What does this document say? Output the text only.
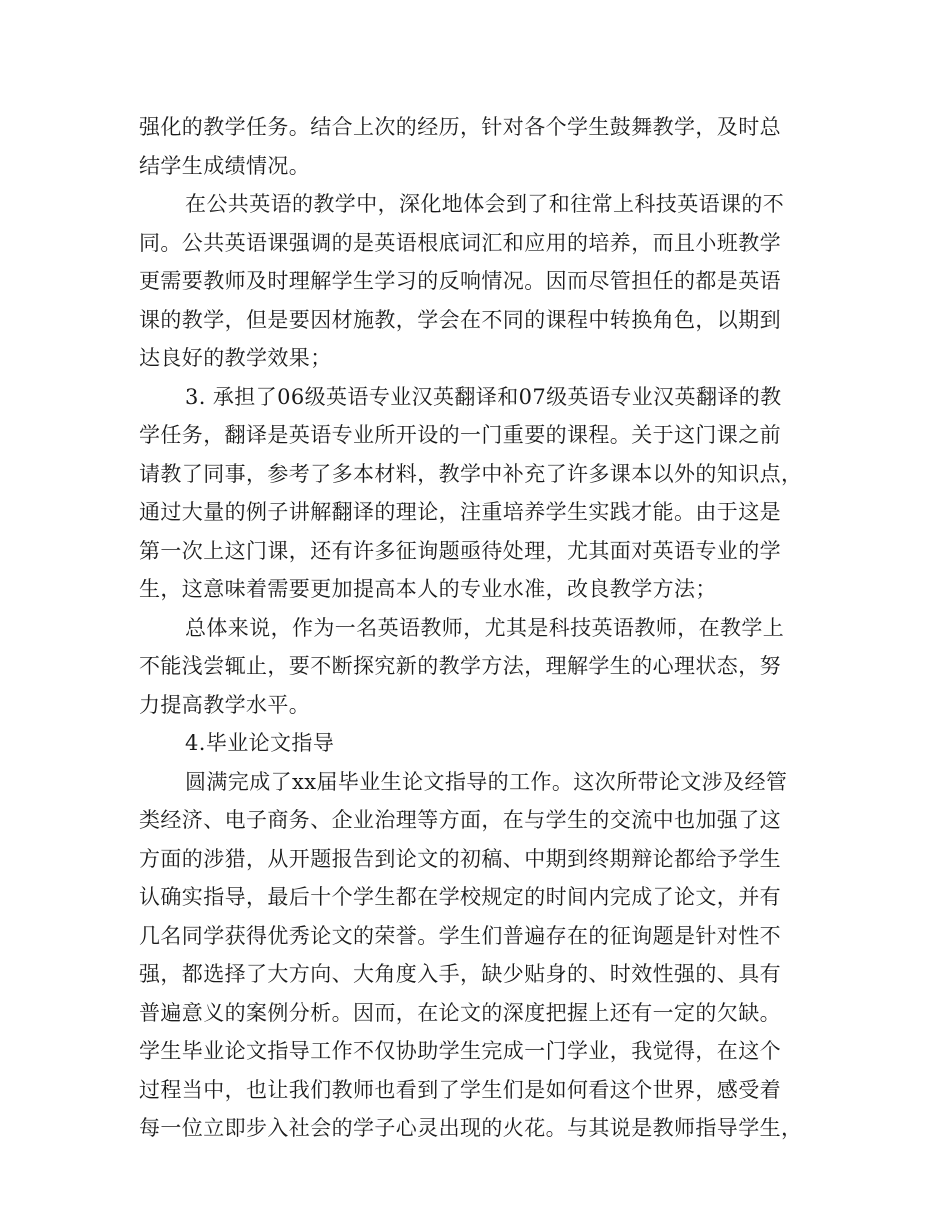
强化的教学任务。结合上次的经历，针对各个学生鼓舞教学，及时总
结学生成绩情况。
在公共英语的教学中，深化地体会到了和往常上科技英语课的不
同。公共英语课强调的是英语根底词汇和应用的培养，而且小班教学
更需要教师及时理解学生学习的反响情况。因而尽管担任的都是英语
课的教学，但是要因材施教，学会在不同的课程中转换角色，以期到
达良好的教学效果；
3. 承担了06级英语专业汉英翻译和07级英语专业汉英翻译的教
学任务，翻译是英语专业所开设的一门重要的课程。关于这门课之前
请教了同事，参考了多本材料，教学中补充了许多课本以外的知识点，
通过大量的例子讲解翻译的理论，注重培养学生实践才能。由于这是
第一次上这门课，还有许多征询题亟待处理，尤其面对英语专业的学
生，这意味着需要更加提高本人的专业水准，改良教学方法；
总体来说，作为一名英语教师，尤其是科技英语教师，在教学上
不能浅尝辄止，要不断探究新的教学方法，理解学生的心理状态，努
力提高教学水平。
4.毕业论文指导
圆满完成了xx届毕业生论文指导的工作。这次所带论文涉及经管
类经济、电子商务、企业治理等方面，在与学生的交流中也加强了这
方面的涉猎，从开题报告到论文的初稿、中期到终期辩论都给予学生
认确实指导，最后十个学生都在学校规定的时间内完成了论文，并有
几名同学获得优秀论文的荣誉。学生们普遍存在的征询题是针对性不
强，都选择了大方向、大角度入手，缺少贴身的、时效性强的、具有
普遍意义的案例分析。因而，在论文的深度把握上还有一定的欠缺。
学生毕业论文指导工作不仅协助学生完成一门学业，我觉得，在这个
过程当中，也让我们教师也看到了学生们是如何看这个世界，感受着
每一位立即步入社会的学子心灵出现的火花。与其说是教师指导学生，
